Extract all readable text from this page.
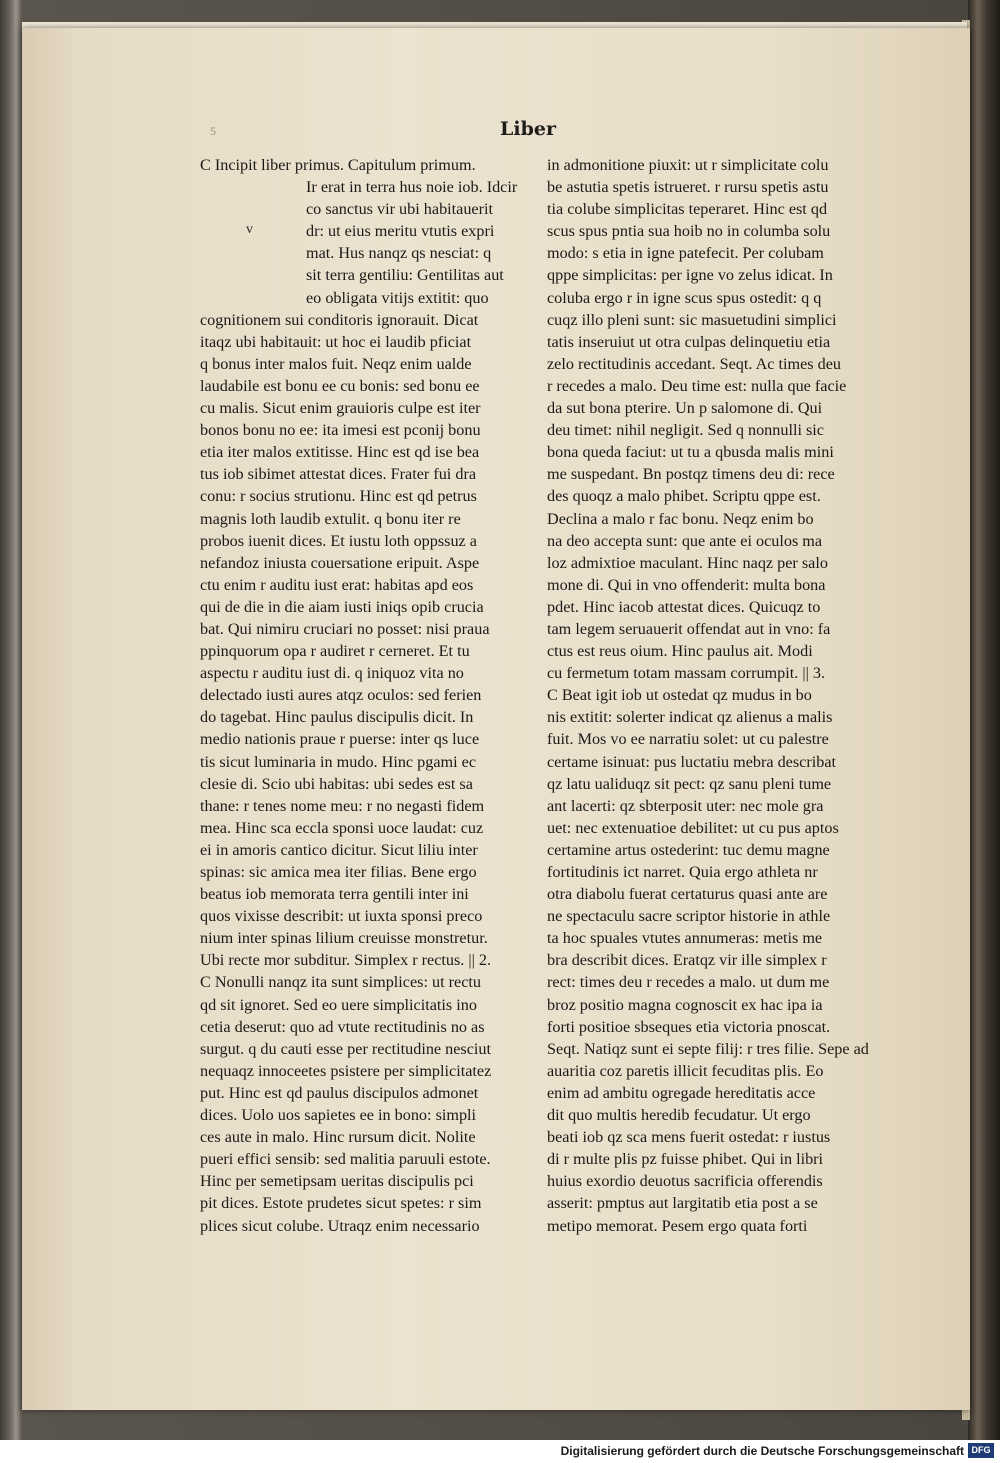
5	Liber
v
C Incipit liber primus. Capitulum primum.
Ir erat in terra hus noie iob. Idcir
co sanctus vir ubi habitauerit
dr: ut eius meritu vtutis expri
mat. Hus nanqz qs nesciat: q
sit terra gentiliu: Gentilitas aut
eo obligata vitijs extitit: quo
cognitionem sui conditoris ignorauit. Dicat
itaqz ubi habitauit: ut hoc ei laudib pficiat
q bonus inter malos fuit. Neqz enim ualde
laudabile est bonu ee cu bonis: sed bonu ee
cu malis. Sicut enim grauioris culpe est iter
bonos bonu no ee: ita imesi est pconij bonu
etia iter malos extitisse. Hinc est qd ise bea
tus iob sibimet attestat dices. Frater fui dra
conu: r socius strutionu. Hinc est qd petrus
magnis loth laudib extulit. q bonu iter re
probos iuenit dices. Et iustu loth oppssuz a
nefandoz iniusta couersatione eripuit. Aspe
ctu enim r auditu iust erat: habitas apd eos
qui de die in die aiam iusti iniqs opib crucia
bat. Qui nimiru cruciari no posset: nisi praua
ppinquorum opa r audiret r cerneret. Et tu
aspectu r auditu iust di. q iniquoz vita no
delectado iusti aures atqz oculos: sed ferien
do tagebat. Hinc paulus discipulis dicit. In
medio nationis praue r puerse: inter qs luce
tis sicut luminaria in mudo. Hinc pgami ec
clesie di. Scio ubi habitas: ubi sedes est sa
thane: r tenes nome meu: r no negasti fidem
mea. Hinc sca eccla sponsi uoce laudat: cuz
ei in amoris cantico dicitur. Sicut liliu inter
spinas: sic amica mea iter filias. Bene ergo
beatus iob memorata terra gentili inter ini
quos vixisse describit: ut iuxta sponsi preco
nium inter spinas lilium creuisse monstretur.
Ubi recte mor subditur. Simplex r rectus. || 2.
C Nonulli nanqz ita sunt simplices: ut rectu
qd sit ignoret. Sed eo uere simplicitatis ino
cetia deserut: quo ad vtute rectitudinis no as
surgut. q du cauti esse per rectitudine nesciut
nequaqz innoceetes psistere per simplicitatez
put. Hinc est qd paulus discipulos admonet
dices. Uolo uos sapietes ee in bono: simpli
ces aute in malo. Hinc rursum dicit. Nolite
pueri effici sensib: sed malitia paruuli estote.
Hinc per semetipsam ueritas discipulis pci
pit dices. Estote prudetes sicut spetes: r sim
plices sicut colube. Utraqz enim necessario
in admonitione piuxit: ut r simplicitate colu
be astutia spetis istrueret. r rursu spetis astu
tia colube simplicitas teperaret. Hinc est qd
scus spus pntia sua hoib no in columba solu
modo: s etia in igne patefecit. Per colubam
qppe simplicitas: per igne vo zelus idicat. In
coluba ergo r in igne scus spus ostedit: q q
cuqz illo pleni sunt: sic masuetudini simplici
tatis inseruiut ut otra culpas delinquetiu etia
zelo rectitudinis accedant. Seqt. Ac times deu
r recedes a malo. Deu time est: nulla que facie
da sut bona pterire. Un p salomone di. Qui
deu timet: nihil negligit. Sed q nonnulli sic
bona queda faciut: ut tu a qbusda malis mini
me suspedant. Bn postqz timens deu di: rece
des quoqz a malo phibet. Scriptu qppe est.
Declina a malo r fac bonu. Neqz enim bo
na deo accepta sunt: que ante ei oculos ma
loz admixtioe maculant. Hinc naqz per salo
mone di. Qui in vno offenderit: multa bona
pdet. Hinc iacob attestat dices. Quicuqz to
tam legem seruauerit offendat aut in vno: fa
ctus est reus oium. Hinc paulus ait. Modi
cu fermetum totam massam corrumpit. || 3.
C Beat igit iob ut ostedat qz mudus in bo
nis extitit: solerter indicat qz alienus a malis
fuit. Mos vo ee narratiu solet: ut cu palestre
certame isinuat: pus luctatiu mebra describat
qz latu ualiduqz sit pect: qz sanu pleni tume
ant lacerti: qz sbterposit uter: nec mole gra
uet: nec extenuatioe debilitet: ut cu pus aptos
certamine artus ostederint: tuc demu magne
fortitudinis ict narret. Quia ergo athleta nr
otra diabolu fuerat certaturus quasi ante are
ne spectaculu sacre scriptor historie in athle
ta hoc spuales vtutes annumeras: metis me
bra describit dices. Eratqz vir ille simplex r
rect: times deu r recedes a malo. ut dum me
broz positio magna cognoscit ex hac ipa ia
forti positioe sbseques etia victoria pnoscat.
Seqt. Natiqz sunt ei septe filij: r tres filie. Sepe ad
auaritia coz paretis illicit fecuditas plis. Eo
enim ad ambitu ogregade hereditatis acce
dit quo multis heredib fecudatur. Ut ergo
beati iob qz sca mens fuerit ostedat: r iustus
di r multe plis pz fuisse phibet. Qui in libri
huius exordio deuotus sacrificia offerendis
asserit: pmptus aut largitatib etia post a se
metipo memorat. Pesem ergo quata forti
Digitalisierung gefördert durch die Deutsche Forschungsgemeinschaft DFG
